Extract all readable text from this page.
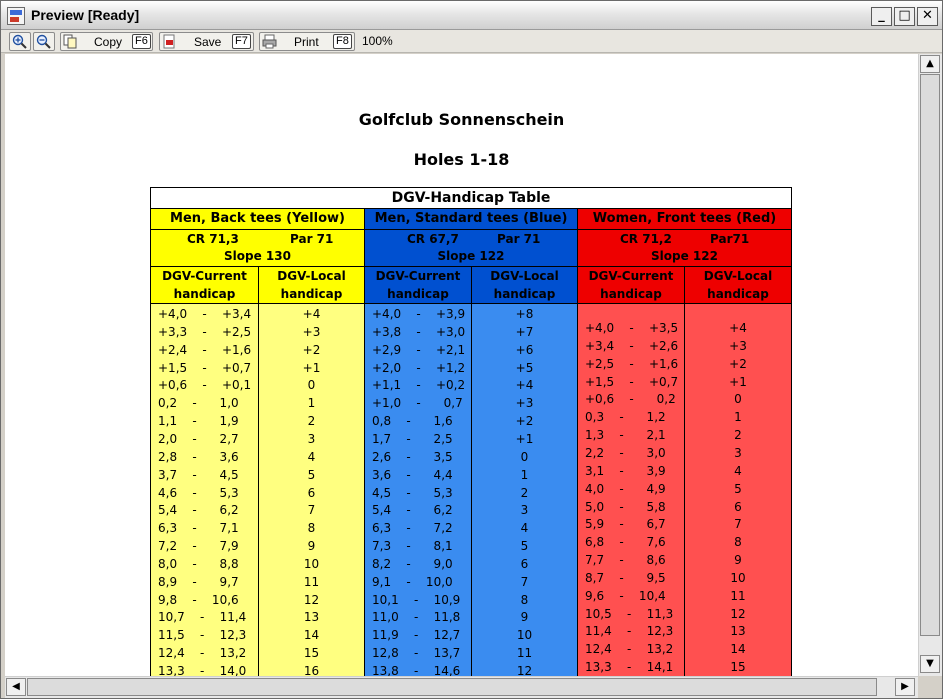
Preview [Ready]	_	□ ✕
Copy F6	Save F7	Print F8 100%
Golfclub Sonnenschein
Holes 1-18
DGV-Handicap Table
Men, Back tees (Yellow)
CR 71,3	Par 71
Slope 130
DGV-Current
handicap
DGV-Local
handicap
+4,0    -    +3,4	+4
+3,3    -    +2,5	+3
+2,4    -    +1,6	+2
+1,5    -    +0,7	+1
+0,6    -    +0,1	0
0,2    -      1,0	1
1,1    -      1,9	2
2,0    -      2,7	3
2,8    -      3,6	4
3,7    -      4,5	5
4,6    -      5,3	6
5,4    -      6,2	7
6,3    -      7,1	8
7,2    -      7,9	9
8,0    -      8,8	10
8,9    -      9,7	11
9,8    -    10,6	12
10,7    -    11,4	13
11,5    -    12,3	14
12,4    -    13,2	15
13,3    -    14,0	16
Men, Standard tees (Blue)
CR 67,7	Par 71
Slope 122
DGV-Current
handicap
DGV-Local
handicap
+4,0    -    +3,9	+8
+3,8    -    +3,0	+7
+2,9    -    +2,1	+6
+2,0    -    +1,2	+5
+1,1    -    +0,2	+4
+1,0    -      0,7	+3
0,8    -      1,6	+2
1,7    -      2,5	+1
2,6    -      3,5	0
3,6    -      4,4	1
4,5    -      5,3	2
5,4    -      6,2	3
6,3    -      7,2	4
7,3    -      8,1	5
8,2    -      9,0	6
9,1    -    10,0	7
10,1    -    10,9	8
11,0    -    11,8	9
11,9    -    12,7	10
12,8    -    13,7	11
13,8    -    14,6	12
Women, Front tees (Red)
CR 71,2	Par71
Slope 122
DGV-Current
handicap
DGV-Local
handicap
+4,0    -    +3,5	+4
+3,4    -    +2,6	+3
+2,5    -    +1,6	+2
+1,5    -    +0,7	+1
+0,6    -      0,2	0
0,3    -      1,2	1
1,3    -      2,1	2
2,2    -      3,0	3
3,1    -      3,9	4
4,0    -      4,9	5
5,0    -      5,8	6
5,9    -      6,7	7
6,8    -      7,6	8
7,7    -      8,6	9
8,7    -      9,5	10
9,6    -    10,4	11
10,5    -    11,3	12
11,4    -    12,3	13
12,4    -    13,2	14
13,3    -    14,1	15
▲
▼
◀	▶
